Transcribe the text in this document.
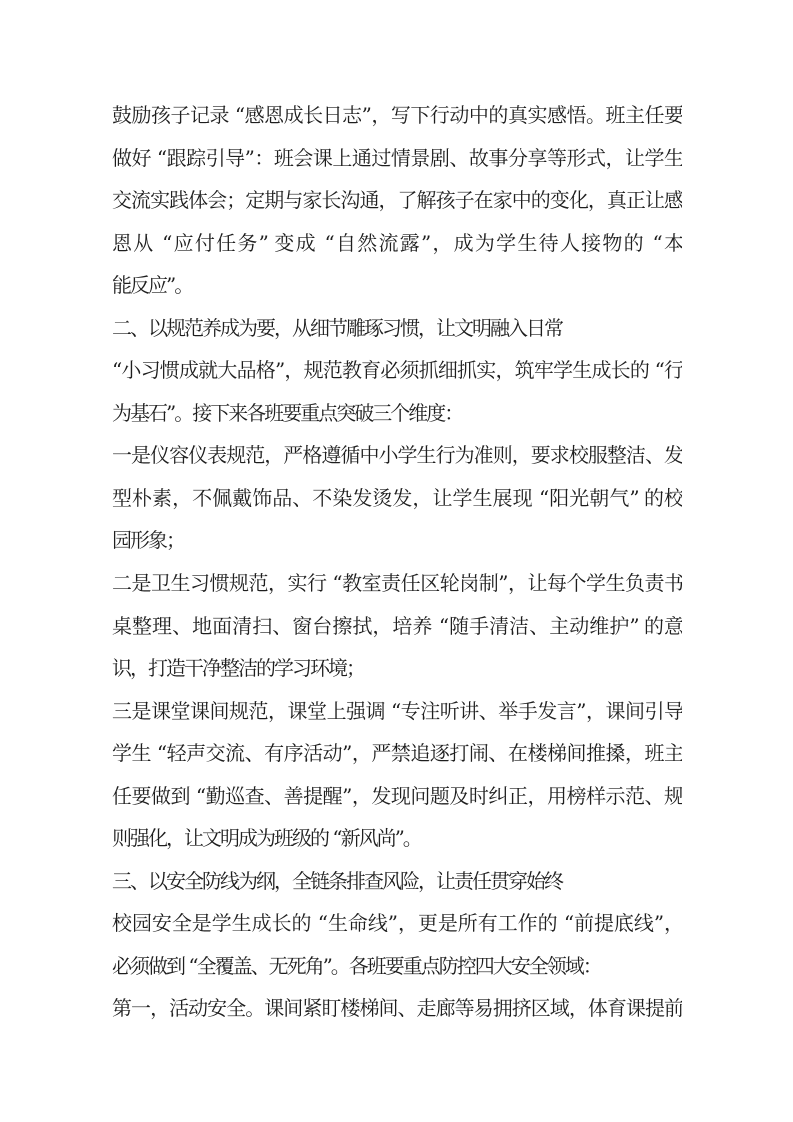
鼓励孩子记录 “感恩成长日志”，写下行动中的真实感悟。班主任要
做好 “跟踪引导”：班会课上通过情景剧、故事分享等形式，让学生
交流实践体会；定期与家长沟通，了解孩子在家中的变化，真正让感
恩从 “应付任务” 变成 “自然流露”，成为学生待人接物的 “本
能反应”。
二、以规范养成为要，从细节雕琢习惯，让文明融入日常
“小习惯成就大品格”，规范教育必须抓细抓实，筑牢学生成长的 “行
为基石”。接下来各班要重点突破三个维度：
一是仪容仪表规范，严格遵循中小学生行为准则，要求校服整洁、发
型朴素，不佩戴饰品、不染发烫发，让学生展现 “阳光朝气” 的校
园形象；
二是卫生习惯规范，实行 “教室责任区轮岗制”，让每个学生负责书
桌整理、地面清扫、窗台擦拭，培养 “随手清洁、主动维护” 的意
识，打造干净整洁的学习环境；
三是课堂课间规范，课堂上强调 “专注听讲、举手发言”，课间引导
学生 “轻声交流、有序活动”，严禁追逐打闹、在楼梯间推搡，班主
任要做到 “勤巡查、善提醒”，发现问题及时纠正，用榜样示范、规
则强化，让文明成为班级的 “新风尚”。
三、以安全防线为纲，全链条排查风险，让责任贯穿始终
校园安全是学生成长的 “生命线”，更是所有工作的 “前提底线”，
必须做到 “全覆盖、无死角”。各班要重点防控四大安全领域：
第一，活动安全。课间紧盯楼梯间、走廊等易拥挤区域，体育课提前
